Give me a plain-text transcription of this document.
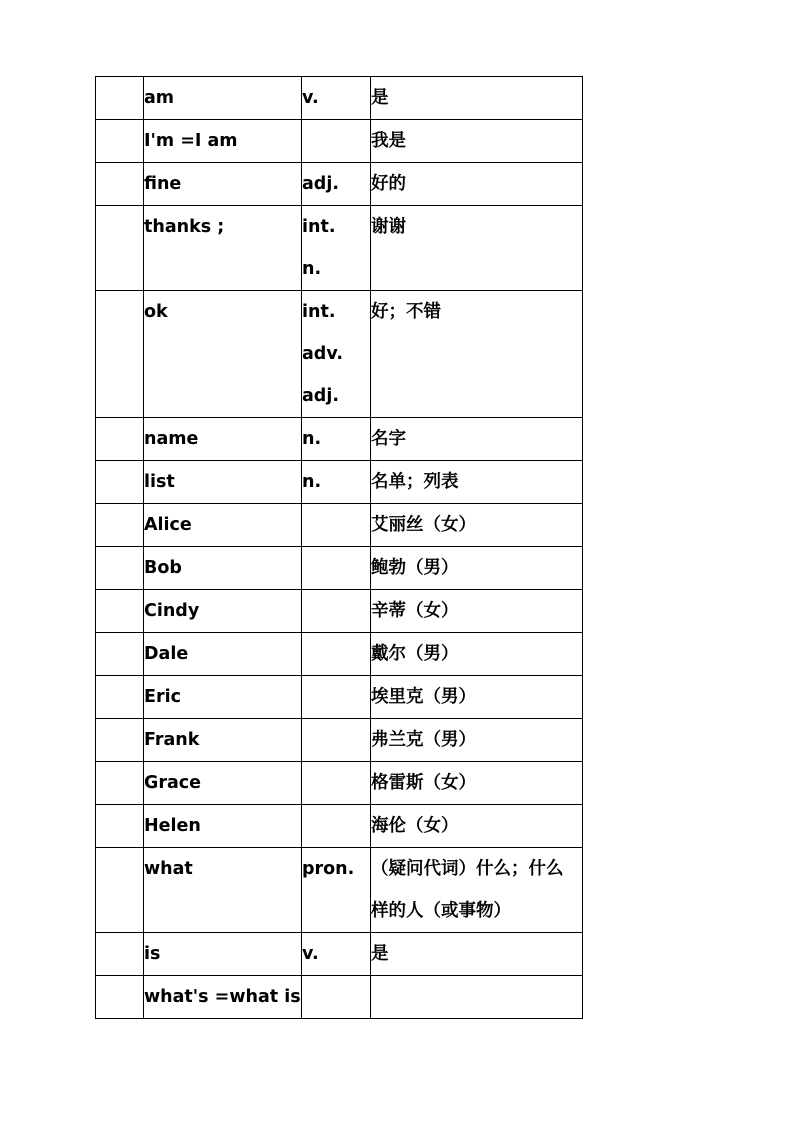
	am	v.	是

	I'm =I am		我是

	fine	adj.	好的

	thanks ;	int.
n.	谢谢

	ok	int.
adv.
adj.	好；不错

	name	n.	名字

	list	n.	名单；列表

	Alice		艾丽丝（女）

	Bob		鲍勃（男）

	Cindy		辛蒂（女）

	Dale		戴尔（男）

	Eric		埃里克（男）

	Frank		弗兰克（男）

	Grace		格雷斯（女）

	Helen		海伦（女）

	what	pron.	（疑问代词）什么；什么
样的人（或事物）

	is	v.	是

	what's =what is		
